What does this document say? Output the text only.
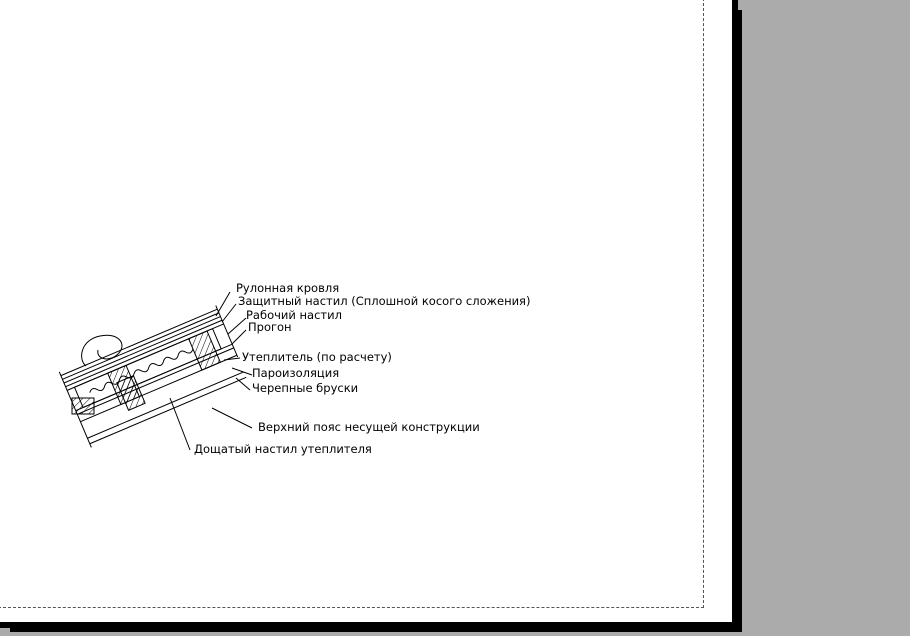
Рулонная кровля
Защитный настил (Сплошной косого сложения)
Рабочий настил
Прогон
Утеплитель (по расчету)
Пароизоляция
Черепные бруски
Верхний пояс несущей конструкции
Дощатый настил утеплителя
